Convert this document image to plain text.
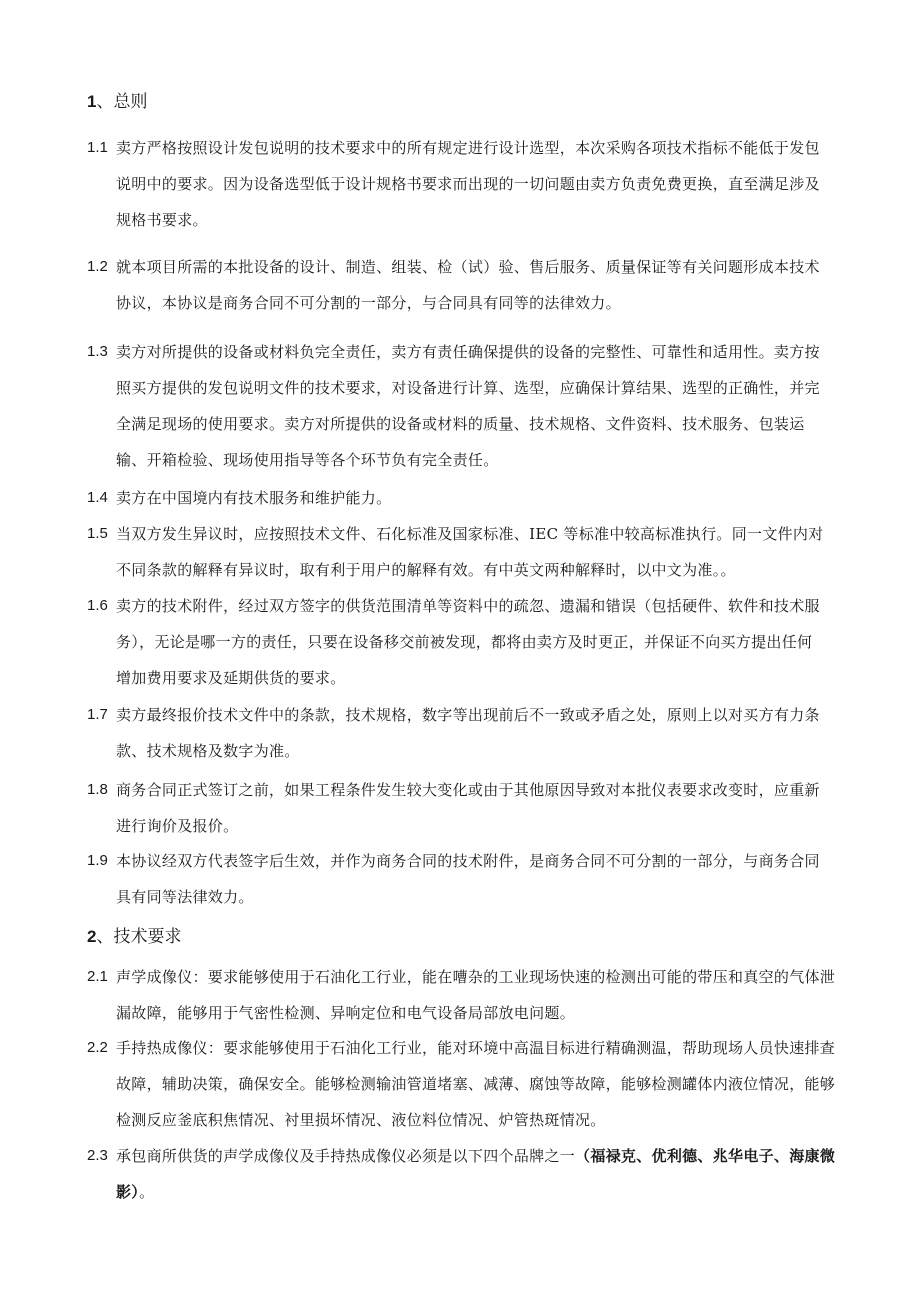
1、总则
1.1 卖方严格按照设计发包说明的技术要求中的所有规定进行设计选型，本次采购各项技术指标不能低于发包
说明中的要求。因为设备选型低于设计规格书要求而出现的一切问题由卖方负责免费更换，直至满足涉及
规格书要求。
1.2 就本项目所需的本批设备的设计、制造、组装、检（试）验、售后服务、质量保证等有关问题形成本技术
协议，本协议是商务合同不可分割的一部分，与合同具有同等的法律效力。
1.3 卖方对所提供的设备或材料负完全责任，卖方有责任确保提供的设备的完整性、可靠性和适用性。卖方按
照买方提供的发包说明文件的技术要求，对设备进行计算、选型，应确保计算结果、选型的正确性，并完
全满足现场的使用要求。卖方对所提供的设备或材料的质量、技术规格、文件资料、技术服务、包装运
输、开箱检验、现场使用指导等各个环节负有完全责任。
1.4 卖方在中国境内有技术服务和维护能力。
1.5 当双方发生异议时，应按照技术文件、石化标准及国家标准、IEC 等标准中较高标准执行。同一文件内对
不同条款的解释有异议时，取有利于用户的解释有效。有中英文两种解释时，以中文为准。。
1.6 卖方的技术附件，经过双方签字的供货范围清单等资料中的疏忽、遗漏和错误（包括硬件、软件和技术服
务），无论是哪一方的责任，只要在设备移交前被发现，都将由卖方及时更正，并保证不向买方提出任何
增加费用要求及延期供货的要求。
1.7 卖方最终报价技术文件中的条款，技术规格，数字等出现前后不一致或矛盾之处，原则上以对买方有力条
款、技术规格及数字为准。
1.8 商务合同正式签订之前，如果工程条件发生较大变化或由于其他原因导致对本批仪表要求改变时，应重新
进行询价及报价。
1.9 本协议经双方代表签字后生效，并作为商务合同的技术附件，是商务合同不可分割的一部分，与商务合同
具有同等法律效力。
2、技术要求
2.1 声学成像仪：要求能够使用于石油化工行业，能在嘈杂的工业现场快速的检测出可能的带压和真空的气体泄
漏故障，能够用于气密性检测、异响定位和电气设备局部放电问题。
2.2 手持热成像仪：要求能够使用于石油化工行业，能对环境中高温目标进行精确测温，帮助现场人员快速排查
故障，辅助决策，确保安全。能够检测输油管道堵塞、减薄、腐蚀等故障，能够检测罐体内液位情况，能够
检测反应釜底积焦情况、衬里损坏情况、液位料位情况、炉管热斑情况。
2.3 承包商所供货的声学成像仪及手持热成像仪必须是以下四个品牌之一（福禄克、优利德、兆华电子、海康微
影）。
